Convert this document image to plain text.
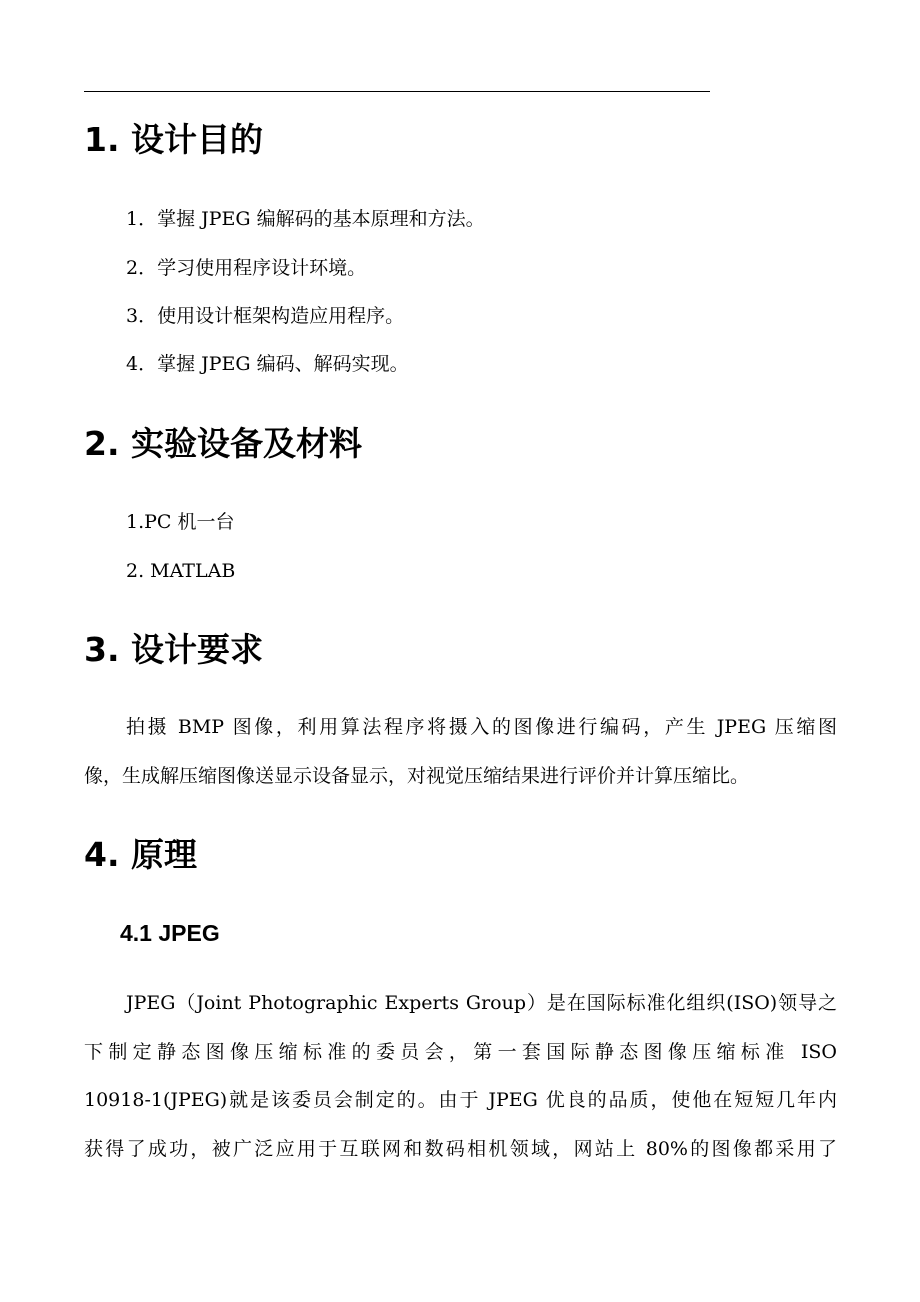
1. 设计目的

1．掌握 JPEG 编解码的基本原理和方法。

2．学习使用程序设计环境。

3．使用设计框架构造应用程序。

4．掌握 JPEG 编码、解码实现。

2. 实验设备及材料

1.PC 机一台

2. MATLAB

3. 设计要求
拍摄 BMP 图像，利用算法程序将摄入的图像进行编码，产生 JPEG 压缩图
像，生成解压缩图像送显示设备显示，对视觉压缩结果进行评价并计算压缩比。
4. 原理
4.1 JPEG
JPEG（Joint Photographic Experts Group）是在国际标准化组织(ISO)领导之
下制定静态图像压缩标准的委员会，第一套国际静态图像压缩标准 ISO
10918-1(JPEG)就是该委员会制定的。由于 JPEG 优良的品质，使他在短短几年内
获得了成功，被广泛应用于互联网和数码相机领域，网站上 80%的图像都采用了
